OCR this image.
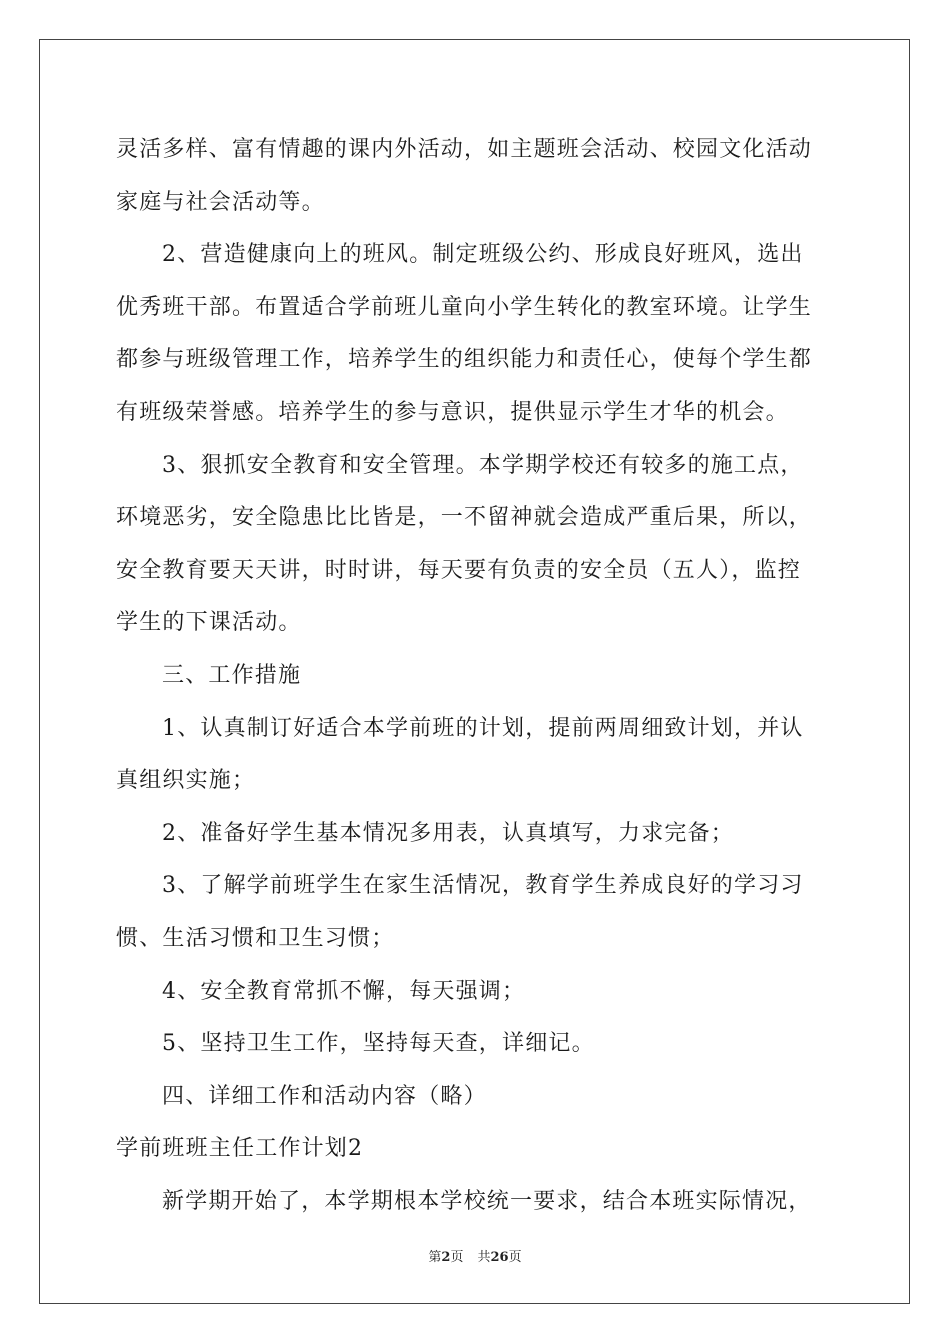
灵活多样、富有情趣的课内外活动，如主题班会活动、校园文化活动
家庭与社会活动等。
2、营造健康向上的班风。制定班级公约、形成良好班风，选出
优秀班干部。布置适合学前班儿童向小学生转化的教室环境。让学生
都参与班级管理工作，培养学生的组织能力和责任心，使每个学生都
有班级荣誉感。培养学生的参与意识，提供显示学生才华的机会。
3、狠抓安全教育和安全管理。本学期学校还有较多的施工点，
环境恶劣，安全隐患比比皆是，一不留神就会造成严重后果，所以，
安全教育要天天讲，时时讲，每天要有负责的安全员（五人），监控
学生的下课活动。
三、工作措施
1、认真制订好适合本学前班的计划，提前两周细致计划，并认
真组织实施；
2、准备好学生基本情况多用表，认真填写，力求完备；
3、了解学前班学生在家生活情况，教育学生养成良好的学习习
惯、生活习惯和卫生习惯；
4、安全教育常抓不懈，每天强调；
5、坚持卫生工作，坚持每天查，详细记。
四、详细工作和活动内容（略）
学前班班主任工作计划2
新学期开始了，本学期根本学校统一要求，结合本班实际情况，
第2页 共26页
